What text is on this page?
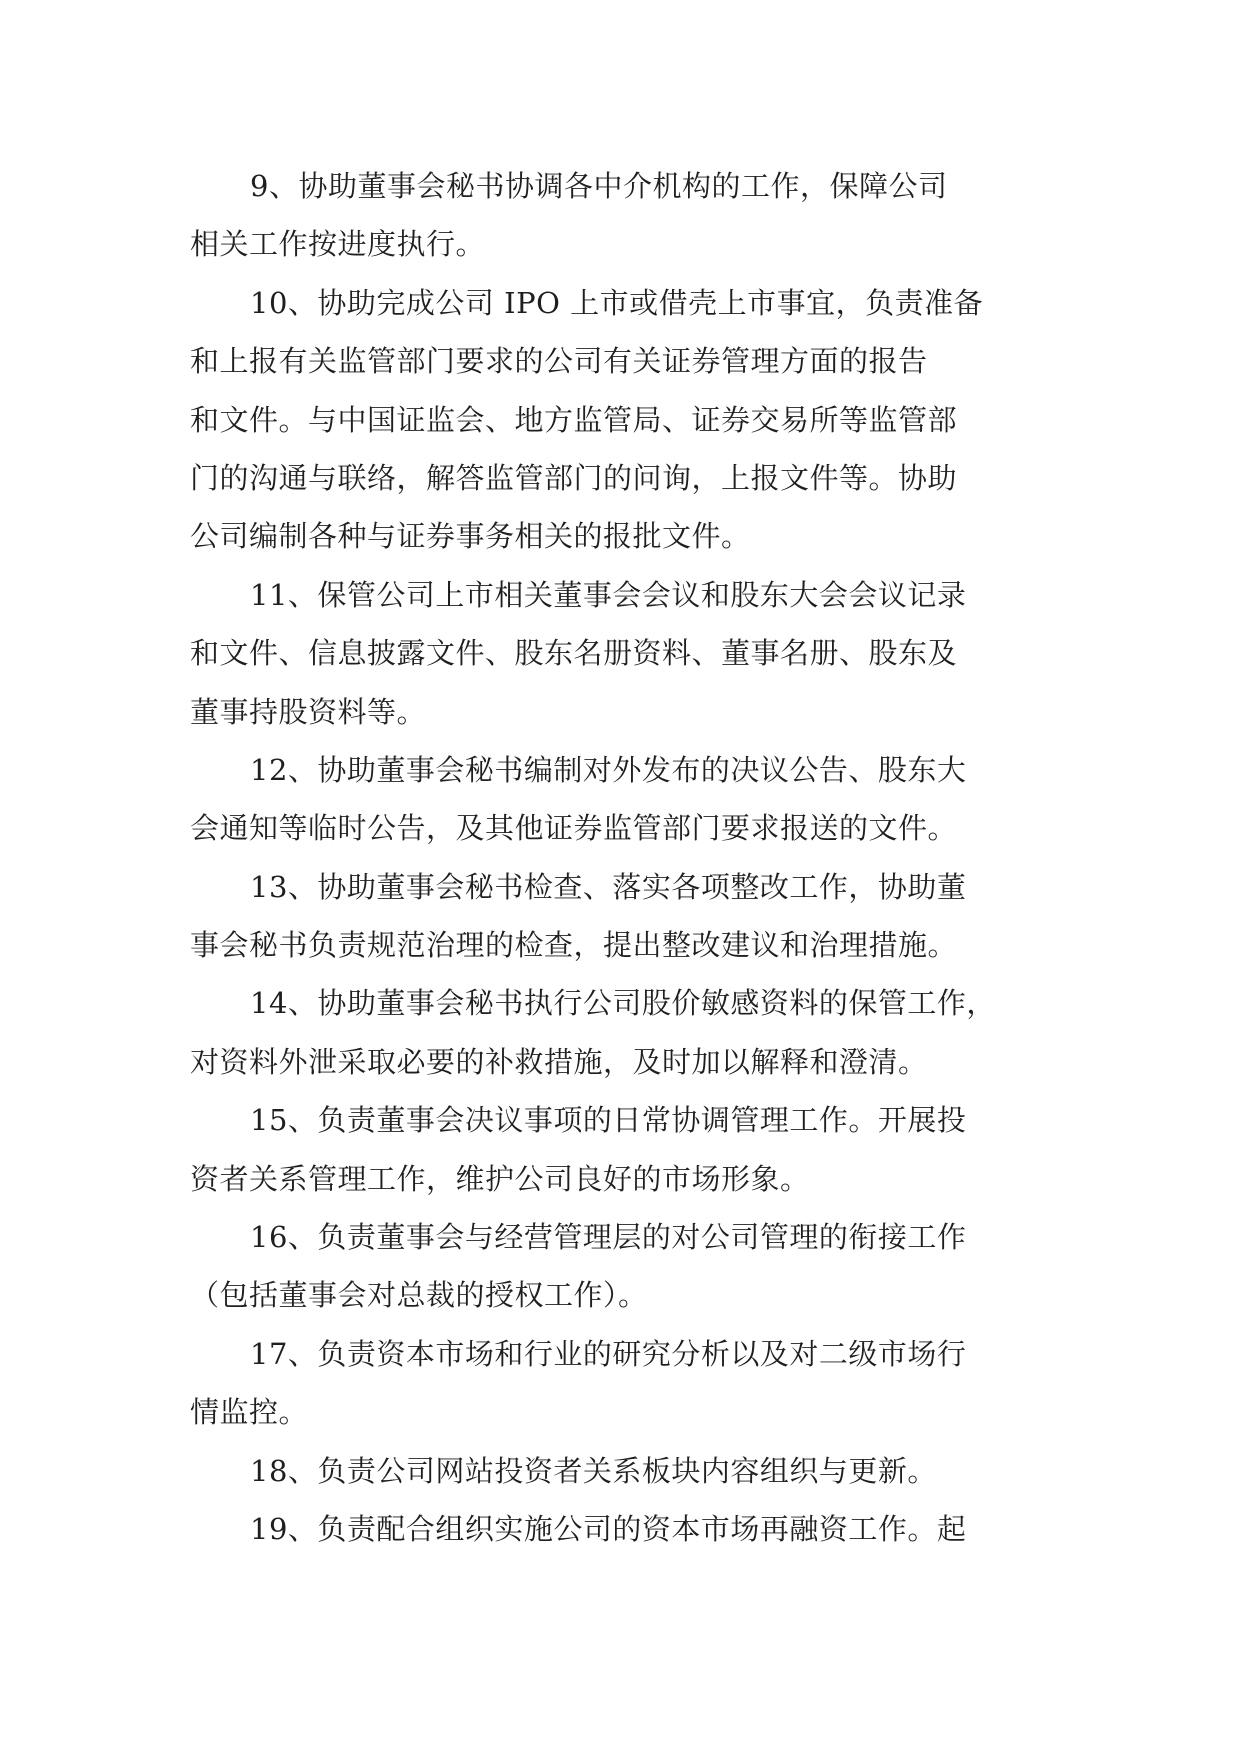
9、协助董事会秘书协调各中介机构的工作，保障公司
相关工作按进度执行。
10、协助完成公司 IPO 上市或借壳上市事宜，负责准备
和上报有关监管部门要求的公司有关证券管理方面的报告
和文件。与中国证监会、地方监管局、证券交易所等监管部
门的沟通与联络，解答监管部门的问询，上报文件等。协助
公司编制各种与证券事务相关的报批文件。
11、保管公司上市相关董事会会议和股东大会会议记录
和文件、信息披露文件、股东名册资料、董事名册、股东及
董事持股资料等。
12、协助董事会秘书编制对外发布的决议公告、股东大
会通知等临时公告，及其他证券监管部门要求报送的文件。
13、协助董事会秘书检查、落实各项整改工作，协助董
事会秘书负责规范治理的检查，提出整改建议和治理措施。
14、协助董事会秘书执行公司股价敏感资料的保管工作，
对资料外泄采取必要的补救措施，及时加以解释和澄清。
15、负责董事会决议事项的日常协调管理工作。开展投
资者关系管理工作，维护公司良好的市场形象。
16、负责董事会与经营管理层的对公司管理的衔接工作
（包括董事会对总裁的授权工作）。
17、负责资本市场和行业的研究分析以及对二级市场行
情监控。
18、负责公司网站投资者关系板块内容组织与更新。
19、负责配合组织实施公司的资本市场再融资工作。起
